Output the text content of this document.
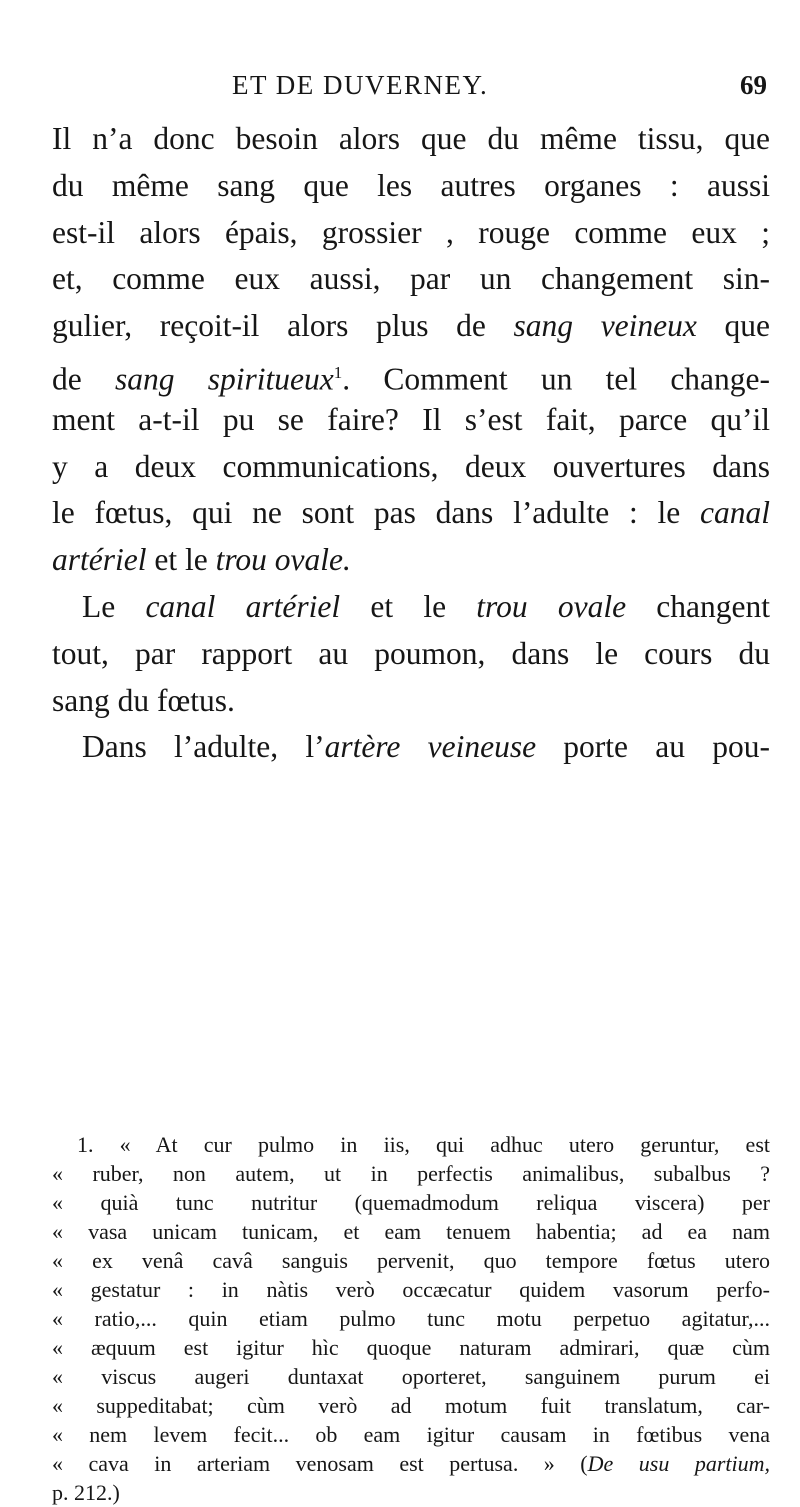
ET DE DUVERNEY.	69
Il n’a donc besoin alors que du même tissu, que
du même sang que les autres organes : aussi
est-il alors épais, grossier , rouge comme eux ;
et, comme eux aussi, par un changement sin-
gulier, reçoit-il alors plus de sang veineux que
de sang spiritueux$^1$. Comment un tel change-
ment a-t-il pu se faire? Il s’est fait, parce qu’il
y a deux communications, deux ouvertures dans
le fœtus, qui ne sont pas dans l’adulte : le canal
artériel et le trou ovale.
Le canal artériel et le trou ovale changent
tout, par rapport au poumon, dans le cours du
sang du fœtus.
Dans l’adulte, l’artère veineuse porte au pou-
1. « At cur pulmo in iis, qui adhuc utero geruntur, est
« ruber, non autem, ut in perfectis animalibus, subalbus ?
« quià tunc nutritur (quemadmodum reliqua viscera) per
« vasa unicam tunicam, et eam tenuem habentia; ad ea nam
« ex venâ cavâ sanguis pervenit, quo tempore fœtus utero
« gestatur : in nàtis verò occæcatur quidem vasorum perfo-
« ratio,... quin etiam pulmo tunc motu perpetuo agitatur,...
« æquum est igitur hìc quoque naturam admirari, quæ cùm
« viscus augeri duntaxat oporteret, sanguinem purum ei
« suppeditabat; cùm verò ad motum fuit translatum, car-
« nem levem fecit... ob eam igitur causam in fœtibus vena
« cava in arteriam venosam est pertusa. » (De usu partium,
p. 212.)
